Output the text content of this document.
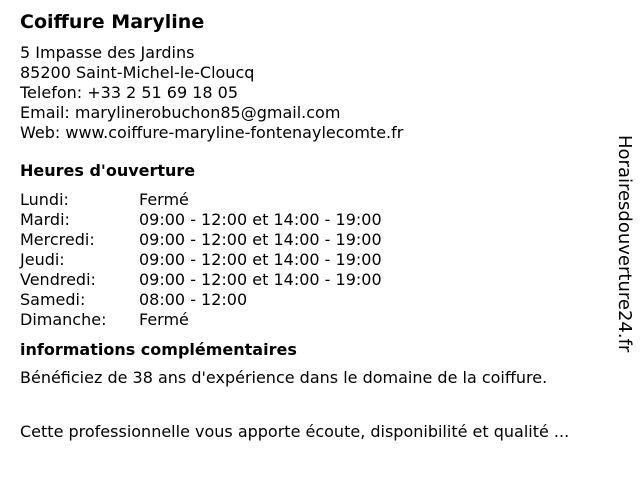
Coiffure Maryline
5 Impasse des Jardins
85200 Saint-Michel-le-Cloucq
Telefon: +33 2 51 69 18 05
Email: marylinerobuchon85@gmail.com
Web: www.coiffure-maryline-fontenaylecomte.fr
Heures d'ouverture
Lundi:	Fermé
Mardi:	09:00 - 12:00 et 14:00 - 19:00
Mercredi:	09:00 - 12:00 et 14:00 - 19:00
Jeudi:	09:00 - 12:00 et 14:00 - 19:00
Vendredi:	09:00 - 12:00 et 14:00 - 19:00
Samedi:	08:00 - 12:00
Dimanche:	Fermé
informations complémentaires
Bénéficiez de 38 ans d'expérience dans le domaine de la coiffure.
Cette professionnelle vous apporte écoute, disponibilité et qualité ...
Horairesdouverture24.fr
